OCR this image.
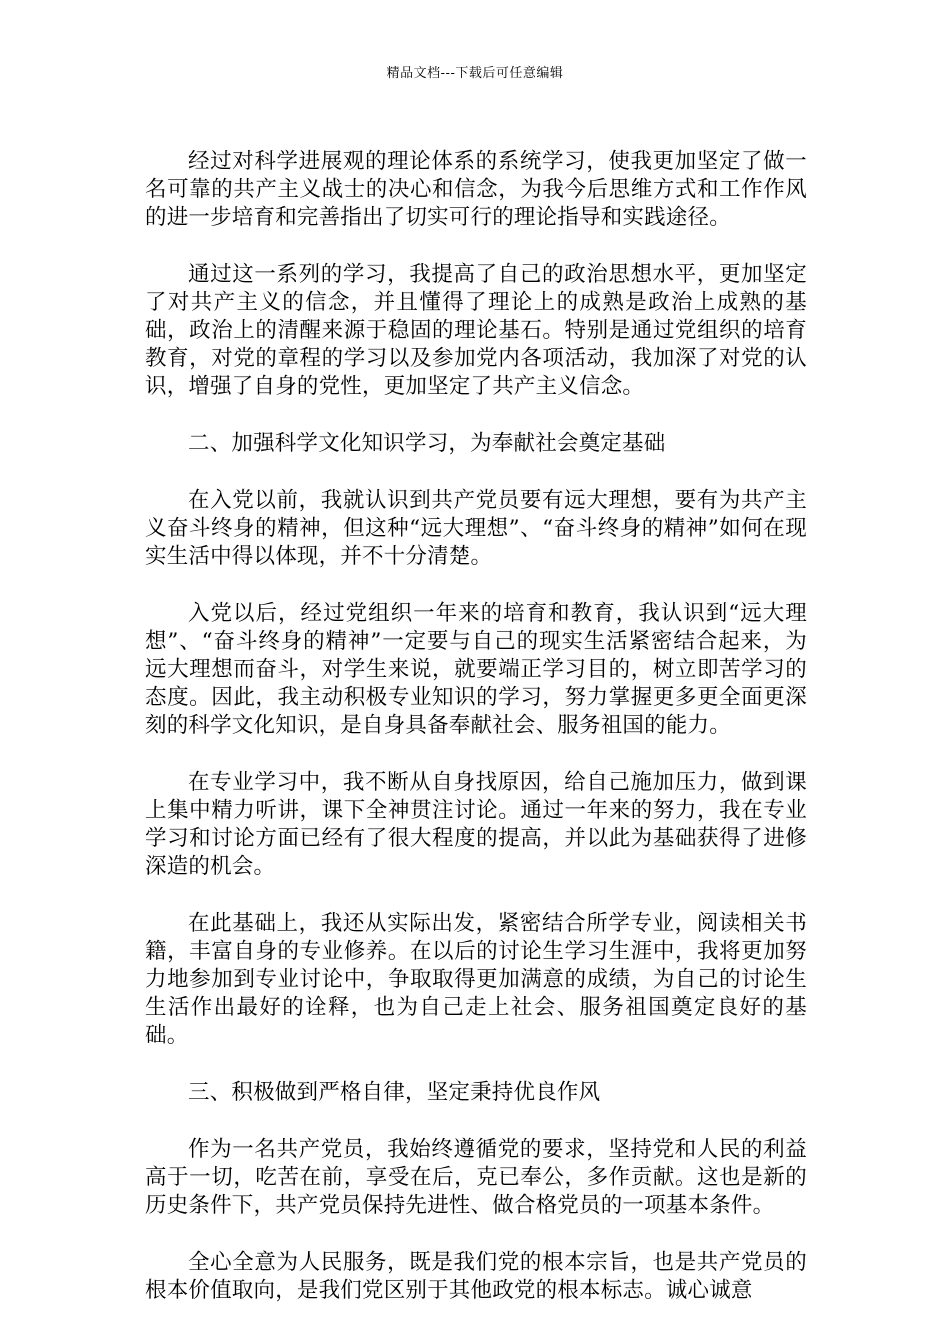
精品文档---下载后可任意编辑

经过对科学进展观的理论体系的系统学习，使我更加坚定了做一名可靠的共产主义战士的决心和信念，为我今后思维方式和工作作风的进一步培育和完善指出了切实可行的理论指导和实践途径。

通过这一系列的学习，我提高了自己的政治思想水平，更加坚定了对共产主义的信念，并且懂得了理论上的成熟是政治上成熟的基础，政治上的清醒来源于稳固的理论基石。特别是通过党组织的培育教育，对党的章程的学习以及参加党内各项活动，我加深了对党的认识，增强了自身的党性，更加坚定了共产主义信念。

二、加强科学文化知识学习，为奉献社会奠定基础

在入党以前，我就认识到共产党员要有远大理想，要有为共产主义奋斗终身的精神，但这种“远大理想”、“奋斗终身的精神”如何在现实生活中得以体现，并不十分清楚。

入党以后，经过党组织一年来的培育和教育，我认识到“远大理想”、“奋斗终身的精神”一定要与自己的现实生活紧密结合起来，为远大理想而奋斗，对学生来说，就要端正学习目的，树立即苦学习的态度。因此，我主动积极专业知识的学习，努力掌握更多更全面更深刻的科学文化知识，是自身具备奉献社会、服务祖国的能力。

在专业学习中，我不断从自身找原因，给自己施加压力，做到课上集中精力听讲，课下全神贯注讨论。通过一年来的努力，我在专业学习和讨论方面已经有了很大程度的提高，并以此为基础获得了进修深造的机会。

在此基础上，我还从实际出发，紧密结合所学专业，阅读相关书籍，丰富自身的专业修养。在以后的讨论生学习生涯中，我将更加努力地参加到专业讨论中，争取取得更加满意的成绩，为自己的讨论生生活作出最好的诠释，也为自己走上社会、服务祖国奠定良好的基础。

三、积极做到严格自律，坚定秉持优良作风

作为一名共产党员，我始终遵循党的要求，坚持党和人民的利益高于一切，吃苦在前，享受在后，克已奉公，多作贡献。这也是新的历史条件下，共产党员保持先进性、做合格党员的一项基本条件。

全心全意为人民服务，既是我们党的根本宗旨，也是共产党员的根本价值取向，是我们党区别于其他政党的根本标志。诚心诚意
